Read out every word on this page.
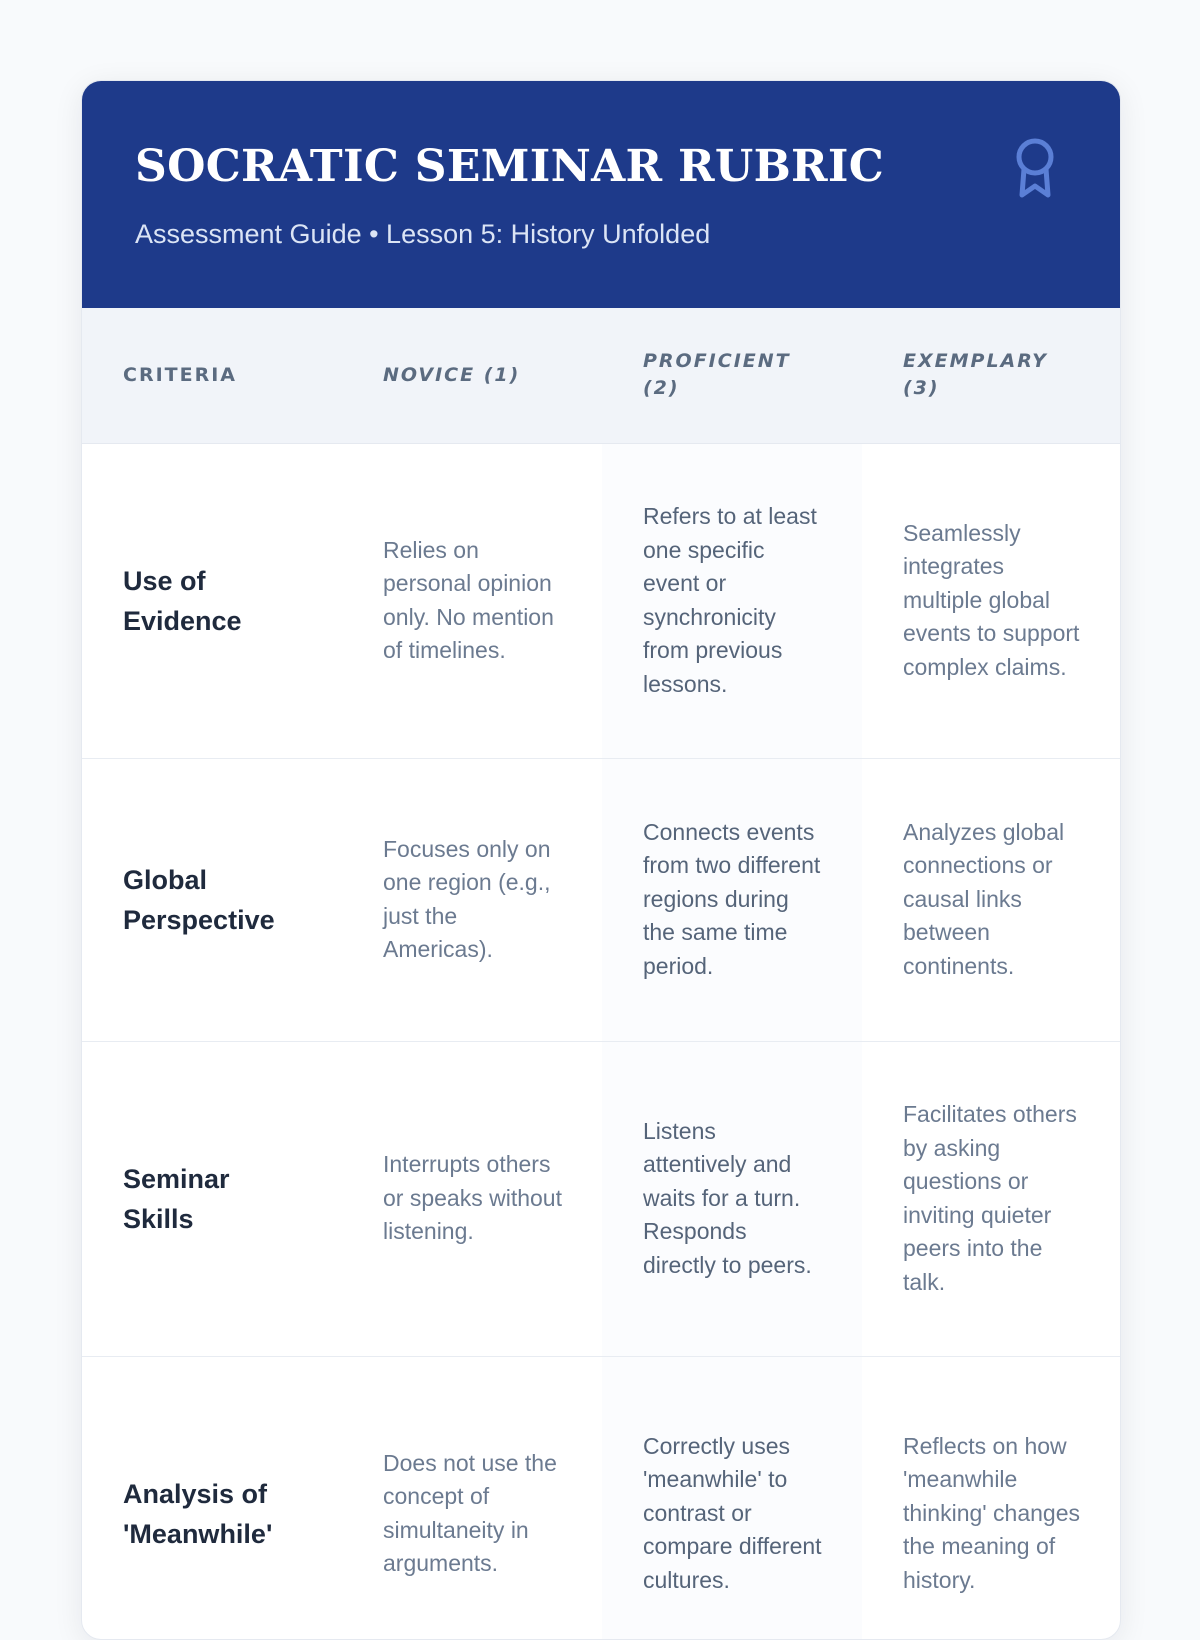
SOCRATIC SEMINAR RUBRIC
Assessment Guide • Lesson 5: History Unfolded
CRITERIA	NOVICE (1)	PROFICIENT (2)	EXEMPLARY (3)
Use of Evidence	Relies on personal opinion only. No mention of timelines.	Refers to at least one specific event or synchronicity from previous lessons.	Seamlessly integrates multiple global events to support complex claims.
Global Perspective	Focuses only on one region (e.g., just the Americas).	Connects events from two different regions during the same time period.	Analyzes global connections or causal links between continents.
Seminar Skills	Interrupts others or speaks without listening.	Listens attentively and waits for a turn. Responds directly to peers.	Facilitates others by asking questions or inviting quieter peers into the talk.
Analysis of 'Meanwhile'	Does not use the concept of simultaneity in arguments.	Correctly uses 'meanwhile' to contrast or compare different cultures.	Reflects on how 'meanwhile thinking' changes the meaning of history.
